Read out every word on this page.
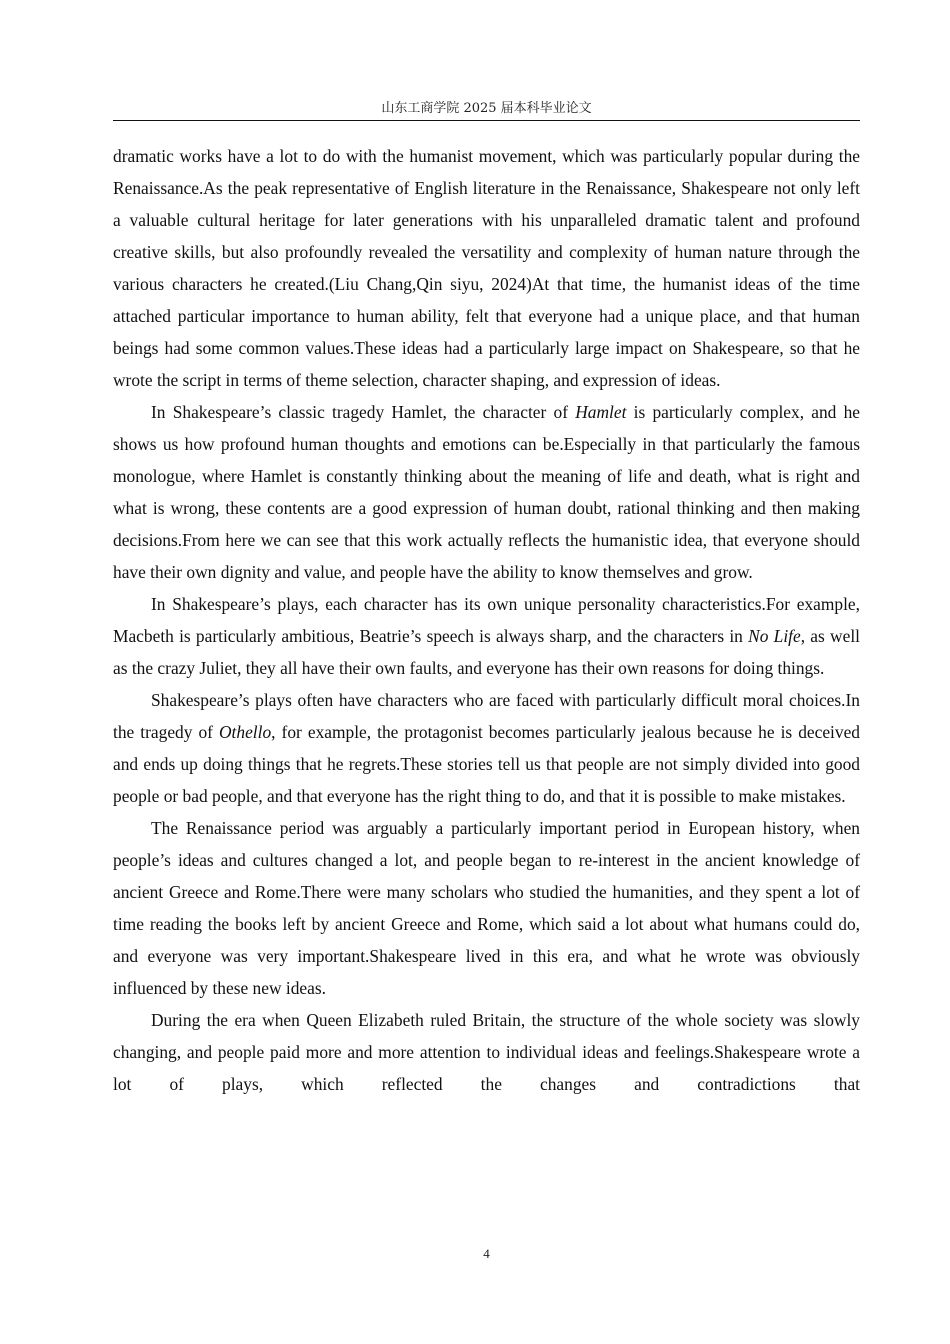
山东工商学院 2025 届本科毕业论文

dramatic works have a lot to do with the humanist movement, which was particularly popular during the Renaissance.As the peak representative of English literature in the Renaissance, Shakespeare not only left a valuable cultural heritage for later generations with his unparalleled dramatic talent and profound creative skills, but also profoundly revealed the versatility and complexity of human nature through the various characters he created.(Liu Chang,Qin siyu, 2024)At that time, the humanist ideas of the time attached particular importance to human ability, felt that everyone had a unique place, and that human beings had some common values.These ideas had a particularly large impact on Shakespeare, so that he wrote the script in terms of theme selection, character shaping, and expression of ideas.

In Shakespeare’s classic tragedy Hamlet, the character of Hamlet is particularly complex, and he shows us how profound human thoughts and emotions can be.Especially in that particularly the famous monologue, where Hamlet is constantly thinking about the meaning of life and death, what is right and what is wrong, these contents are a good expression of human doubt, rational thinking and then making decisions.From here we can see that this work actually reflects the humanistic idea, that everyone should have their own dignity and value, and people have the ability to know themselves and grow.

In Shakespeare’s plays, each character has its own unique personality characteristics.For example, Macbeth is particularly ambitious, Beatrie’s speech is always sharp, and the characters in No Life, as well as the crazy Juliet, they all have their own faults, and everyone has their own reasons for doing things.

Shakespeare’s plays often have characters who are faced with particularly difficult moral choices.In the tragedy of Othello, for example, the protagonist becomes particularly jealous because he is deceived and ends up doing things that he regrets.These stories tell us that people are not simply divided into good people or bad people, and that everyone has the right thing to do, and that it is possible to make mistakes.

The Renaissance period was arguably a particularly important period in European history, when people’s ideas and cultures changed a lot, and people began to re-interest in the ancient knowledge of ancient Greece and Rome.There were many scholars who studied the humanities, and they spent a lot of time reading the books left by ancient Greece and Rome, which said a lot about what humans could do, and everyone was very important.Shakespeare lived in this era, and what he wrote was obviously influenced by these new ideas.

During the era when Queen Elizabeth ruled Britain, the structure of the whole society was slowly changing, and people paid more and more attention to individual ideas and feelings.Shakespeare wrote a lot of plays, which reflected the changes and contradictions that

4
